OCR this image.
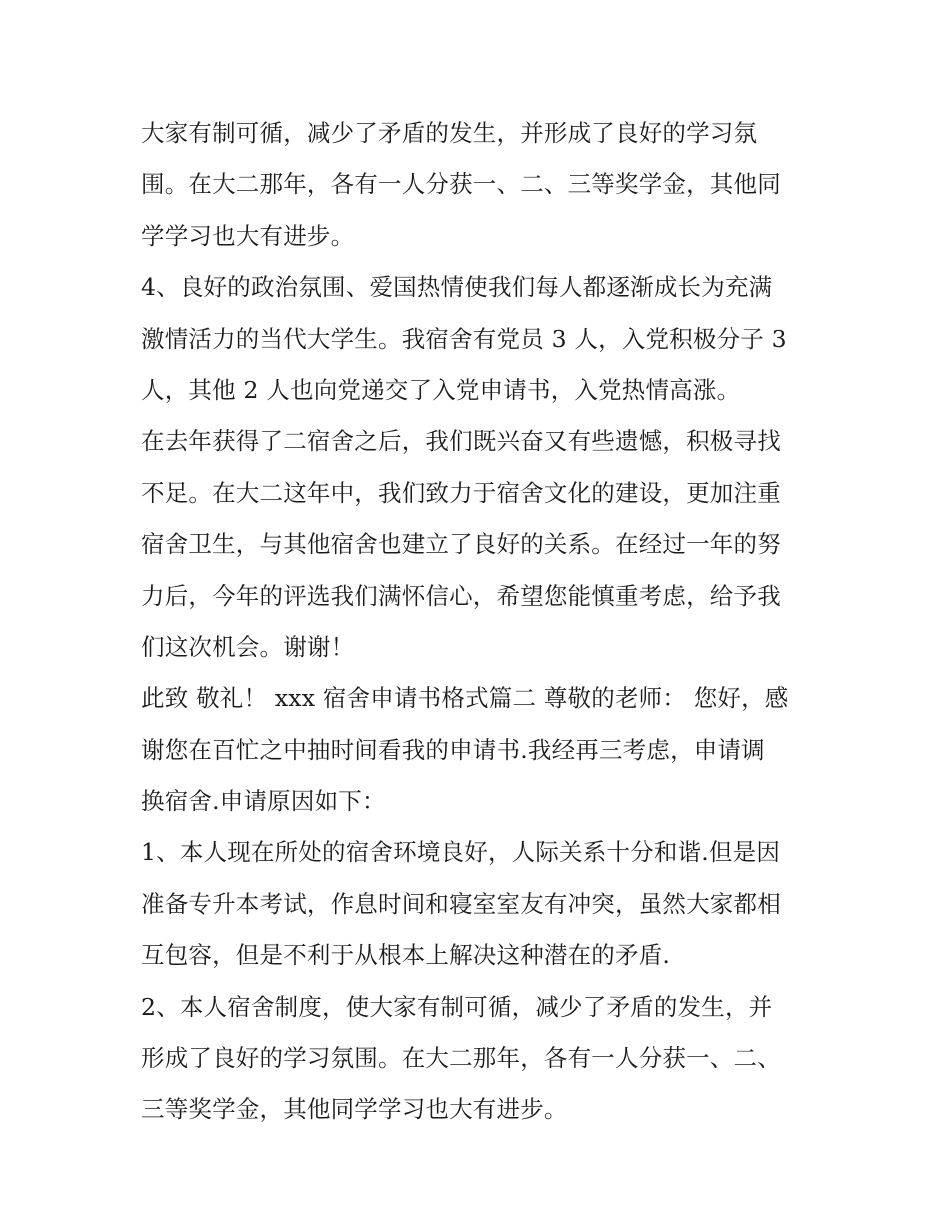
大家有制可循，减少了矛盾的发生，并形成了良好的学习氛
围。在大二那年，各有一人分获一、二、三等奖学金，其他同
学学习也大有进步。
4、良好的政治氛围、爱国热情使我们每人都逐渐成长为充满
激情活力的当代大学生。我宿舍有党员 3 人，入党积极分子 3
人，其他 2 人也向党递交了入党申请书，入党热情高涨。
在去年获得了二宿舍之后，我们既兴奋又有些遗憾，积极寻找
不足。在大二这年中，我们致力于宿舍文化的建设，更加注重
宿舍卫生，与其他宿舍也建立了良好的关系。在经过一年的努
力后，今年的评选我们满怀信心，希望您能慎重考虑，给予我
们这次机会。谢谢！
此致 敬礼！ xxx 宿舍申请书格式篇二 尊敬的老师： 您好，感
谢您在百忙之中抽时间看我的申请书.我经再三考虑，申请调
换宿舍.申请原因如下：
1、本人现在所处的宿舍环境良好，人际关系十分和谐.但是因
准备专升本考试，作息时间和寝室室友有冲突，虽然大家都相
互包容，但是不利于从根本上解决这种潜在的矛盾.
2、本人宿舍制度，使大家有制可循，减少了矛盾的发生，并
形成了良好的学习氛围。在大二那年，各有一人分获一、二、
三等奖学金，其他同学学习也大有进步。
